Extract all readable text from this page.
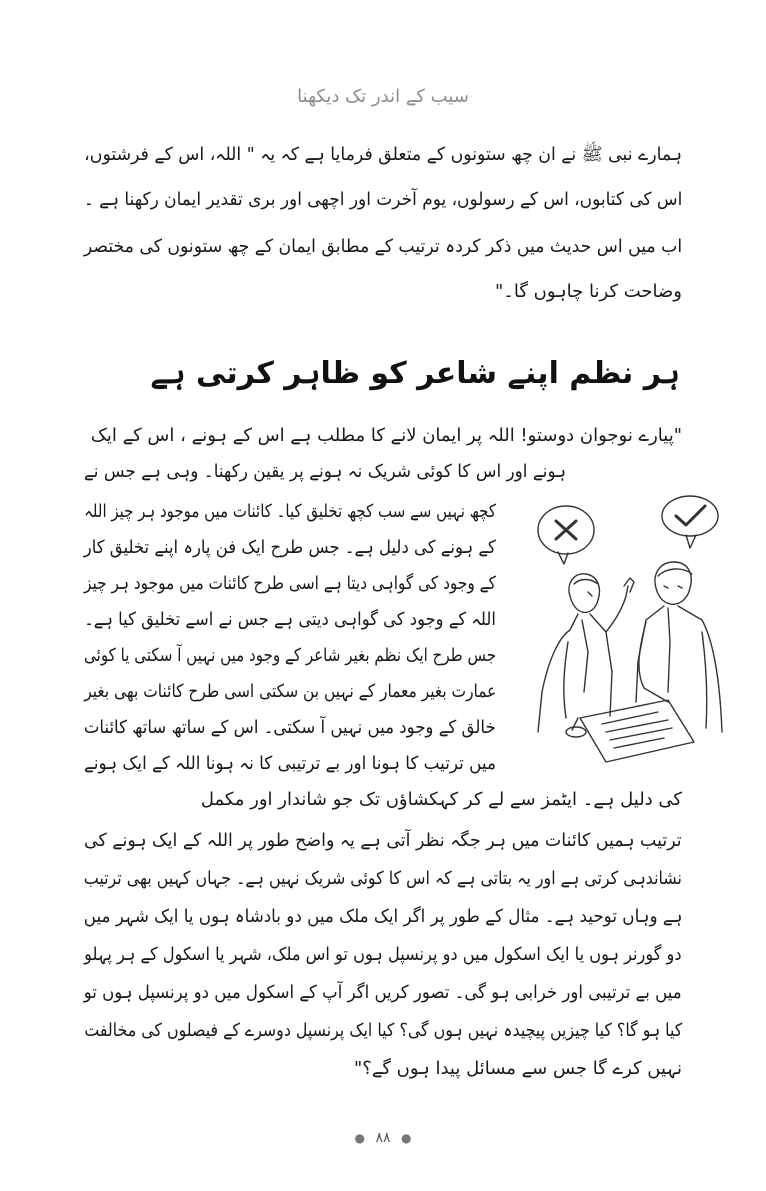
سیب کے اندر تک دیکھنا
ہمارے نبی ﷺ نے ان چھ ستونوں کے متعلق فرمایا ہے کہ یہ " اللہ، اس کے فرشتوں،
اس کی کتابوں، اس کے رسولوں، یوم آخرت اور اچھی اور بری تقدیر ایمان رکھنا ہے ۔
اب میں اس حدیث میں ذکر کردہ ترتیب کے مطابق ایمان کے چھ ستونوں کی مختصر
وضاحت کرنا چاہوں گا۔"
ہر نظم اپنے شاعر کو ظاہر کرتی ہے
"پیارے نوجوان دوستو! اللہ پر ایمان لانے کا مطلب ہے اس کے ہونے ، اس کے ایک
ہونے اور اس کا کوئی شریک نہ ہونے پر یقین رکھنا۔ وہی ہے جس نے
کچھ نہیں سے سب کچھ تخلیق کیا۔ کائنات میں موجود ہر چیز اللہ
کے ہونے کی دلیل ہے۔ جس طرح ایک فن پارہ اپنے تخلیق کار
کے وجود کی گواہی دیتا ہے اسی طرح کائنات میں موجود ہر چیز
اللہ کے وجود کی گواہی دیتی ہے جس نے اسے تخلیق کیا ہے۔
جس طرح ایک نظم بغیر شاعر کے وجود میں نہیں آ سکتی یا کوئی
عمارت بغیر معمار کے نہیں بن سکتی اسی طرح کائنات بھی بغیر
خالق کے وجود میں نہیں آ سکتی۔ اس کے ساتھ ساتھ کائنات
میں ترتیب کا ہونا اور بے ترتیبی کا نہ ہونا اللہ کے ایک ہونے
کی دلیل ہے۔ ایٹمز سے لے کر کہکشاؤں تک جو شاندار اور مکمل
ترتیب ہمیں کائنات میں ہر جگہ نظر آتی ہے یہ واضح طور پر اللہ کے ایک ہونے کی
نشاندہی کرتی ہے اور یہ بتاتی ہے کہ اس کا کوئی شریک نہیں ہے۔ جہاں کہیں بھی ترتیب
ہے وہاں توحید ہے۔ مثال کے طور پر اگر ایک ملک میں دو بادشاہ ہوں یا ایک شہر میں
دو گورنر ہوں یا ایک اسکول میں دو پرنسپل ہوں تو اس ملک، شہر یا اسکول کے ہر پہلو
میں بے ترتیبی اور خرابی ہو گی۔ تصور کریں اگر آپ کے اسکول میں دو پرنسپل ہوں تو
کیا ہو گا؟ کیا چیزیں پیچیدہ نہیں ہوں گی؟ کیا ایک پرنسپل دوسرے کے فیصلوں کی مخالفت
نہیں کرے گا جس سے مسائل پیدا ہوں گے؟"
● ۸۸ ●
